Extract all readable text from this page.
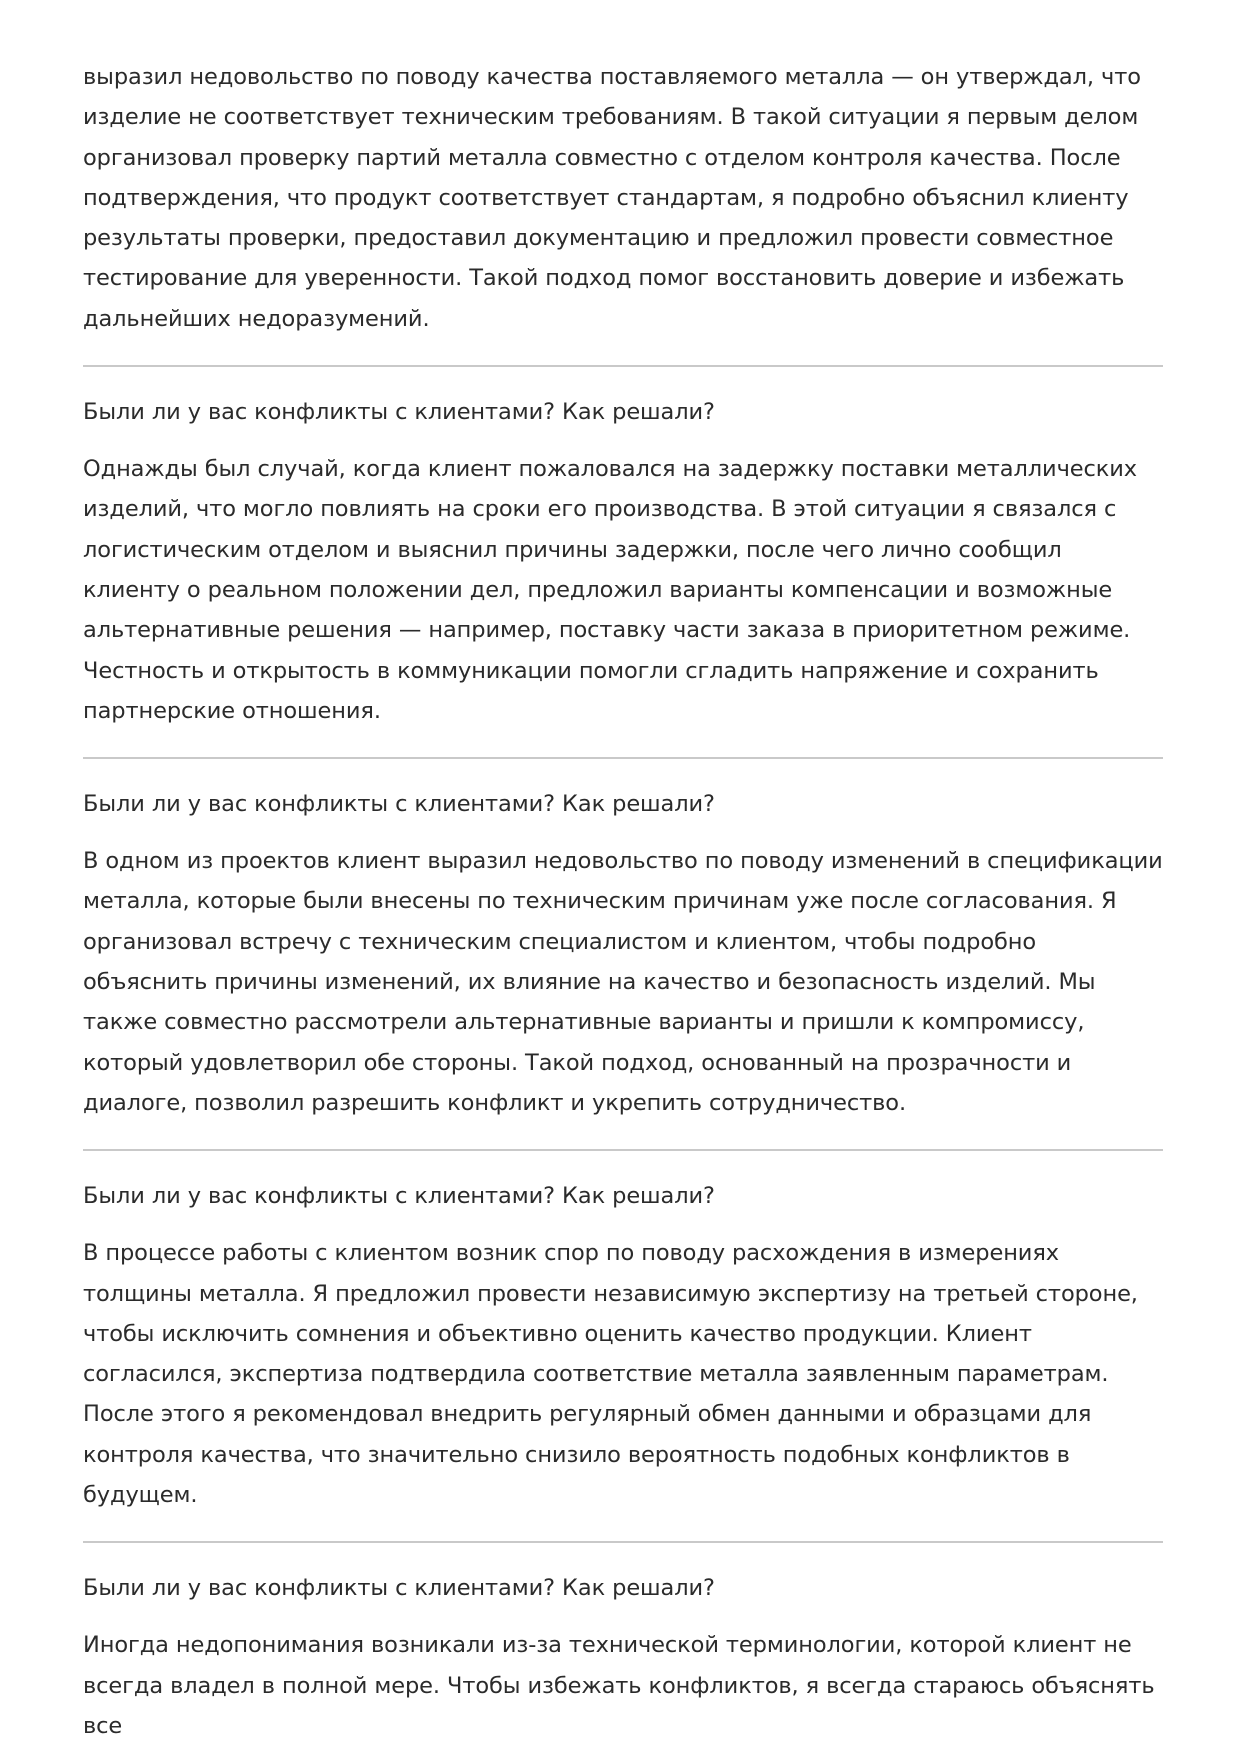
выразил недовольство по поводу качества поставляемого металла — он утверждал, что изделие не соответствует техническим требованиям. В такой ситуации я первым делом организовал проверку партий металла совместно с отделом контроля качества. После подтверждения, что продукт соответствует стандартам, я подробно объяснил клиенту результаты проверки, предоставил документацию и предложил провести совместное тестирование для уверенности. Такой подход помог восстановить доверие и избежать дальнейших недоразумений.

Были ли у вас конфликты с клиентами? Как решали?

Однажды был случай, когда клиент пожаловался на задержку поставки металлических изделий, что могло повлиять на сроки его производства. В этой ситуации я связался с логистическим отделом и выяснил причины задержки, после чего лично сообщил клиенту о реальном положении дел, предложил варианты компенсации и возможные альтернативные решения — например, поставку части заказа в приоритетном режиме. Честность и открытость в коммуникации помогли сгладить напряжение и сохранить партнерские отношения.

Были ли у вас конфликты с клиентами? Как решали?

В одном из проектов клиент выразил недовольство по поводу изменений в спецификации металла, которые были внесены по техническим причинам уже после согласования. Я организовал встречу с техническим специалистом и клиентом, чтобы подробно объяснить причины изменений, их влияние на качество и безопасность изделий. Мы также совместно рассмотрели альтернативные варианты и пришли к компромиссу, который удовлетворил обе стороны. Такой подход, основанный на прозрачности и диалоге, позволил разрешить конфликт и укрепить сотрудничество.

Были ли у вас конфликты с клиентами? Как решали?

В процессе работы с клиентом возник спор по поводу расхождения в измерениях толщины металла. Я предложил провести независимую экспертизу на третьей стороне, чтобы исключить сомнения и объективно оценить качество продукции. Клиент согласился, экспертиза подтвердила соответствие металла заявленным параметрам. После этого я рекомендовал внедрить регулярный обмен данными и образцами для контроля качества, что значительно снизило вероятность подобных конфликтов в будущем.

Были ли у вас конфликты с клиентами? Как решали?

Иногда недопонимания возникали из-за технической терминологии, которой клиент не всегда владел в полной мере. Чтобы избежать конфликтов, я всегда стараюсь объяснять все
